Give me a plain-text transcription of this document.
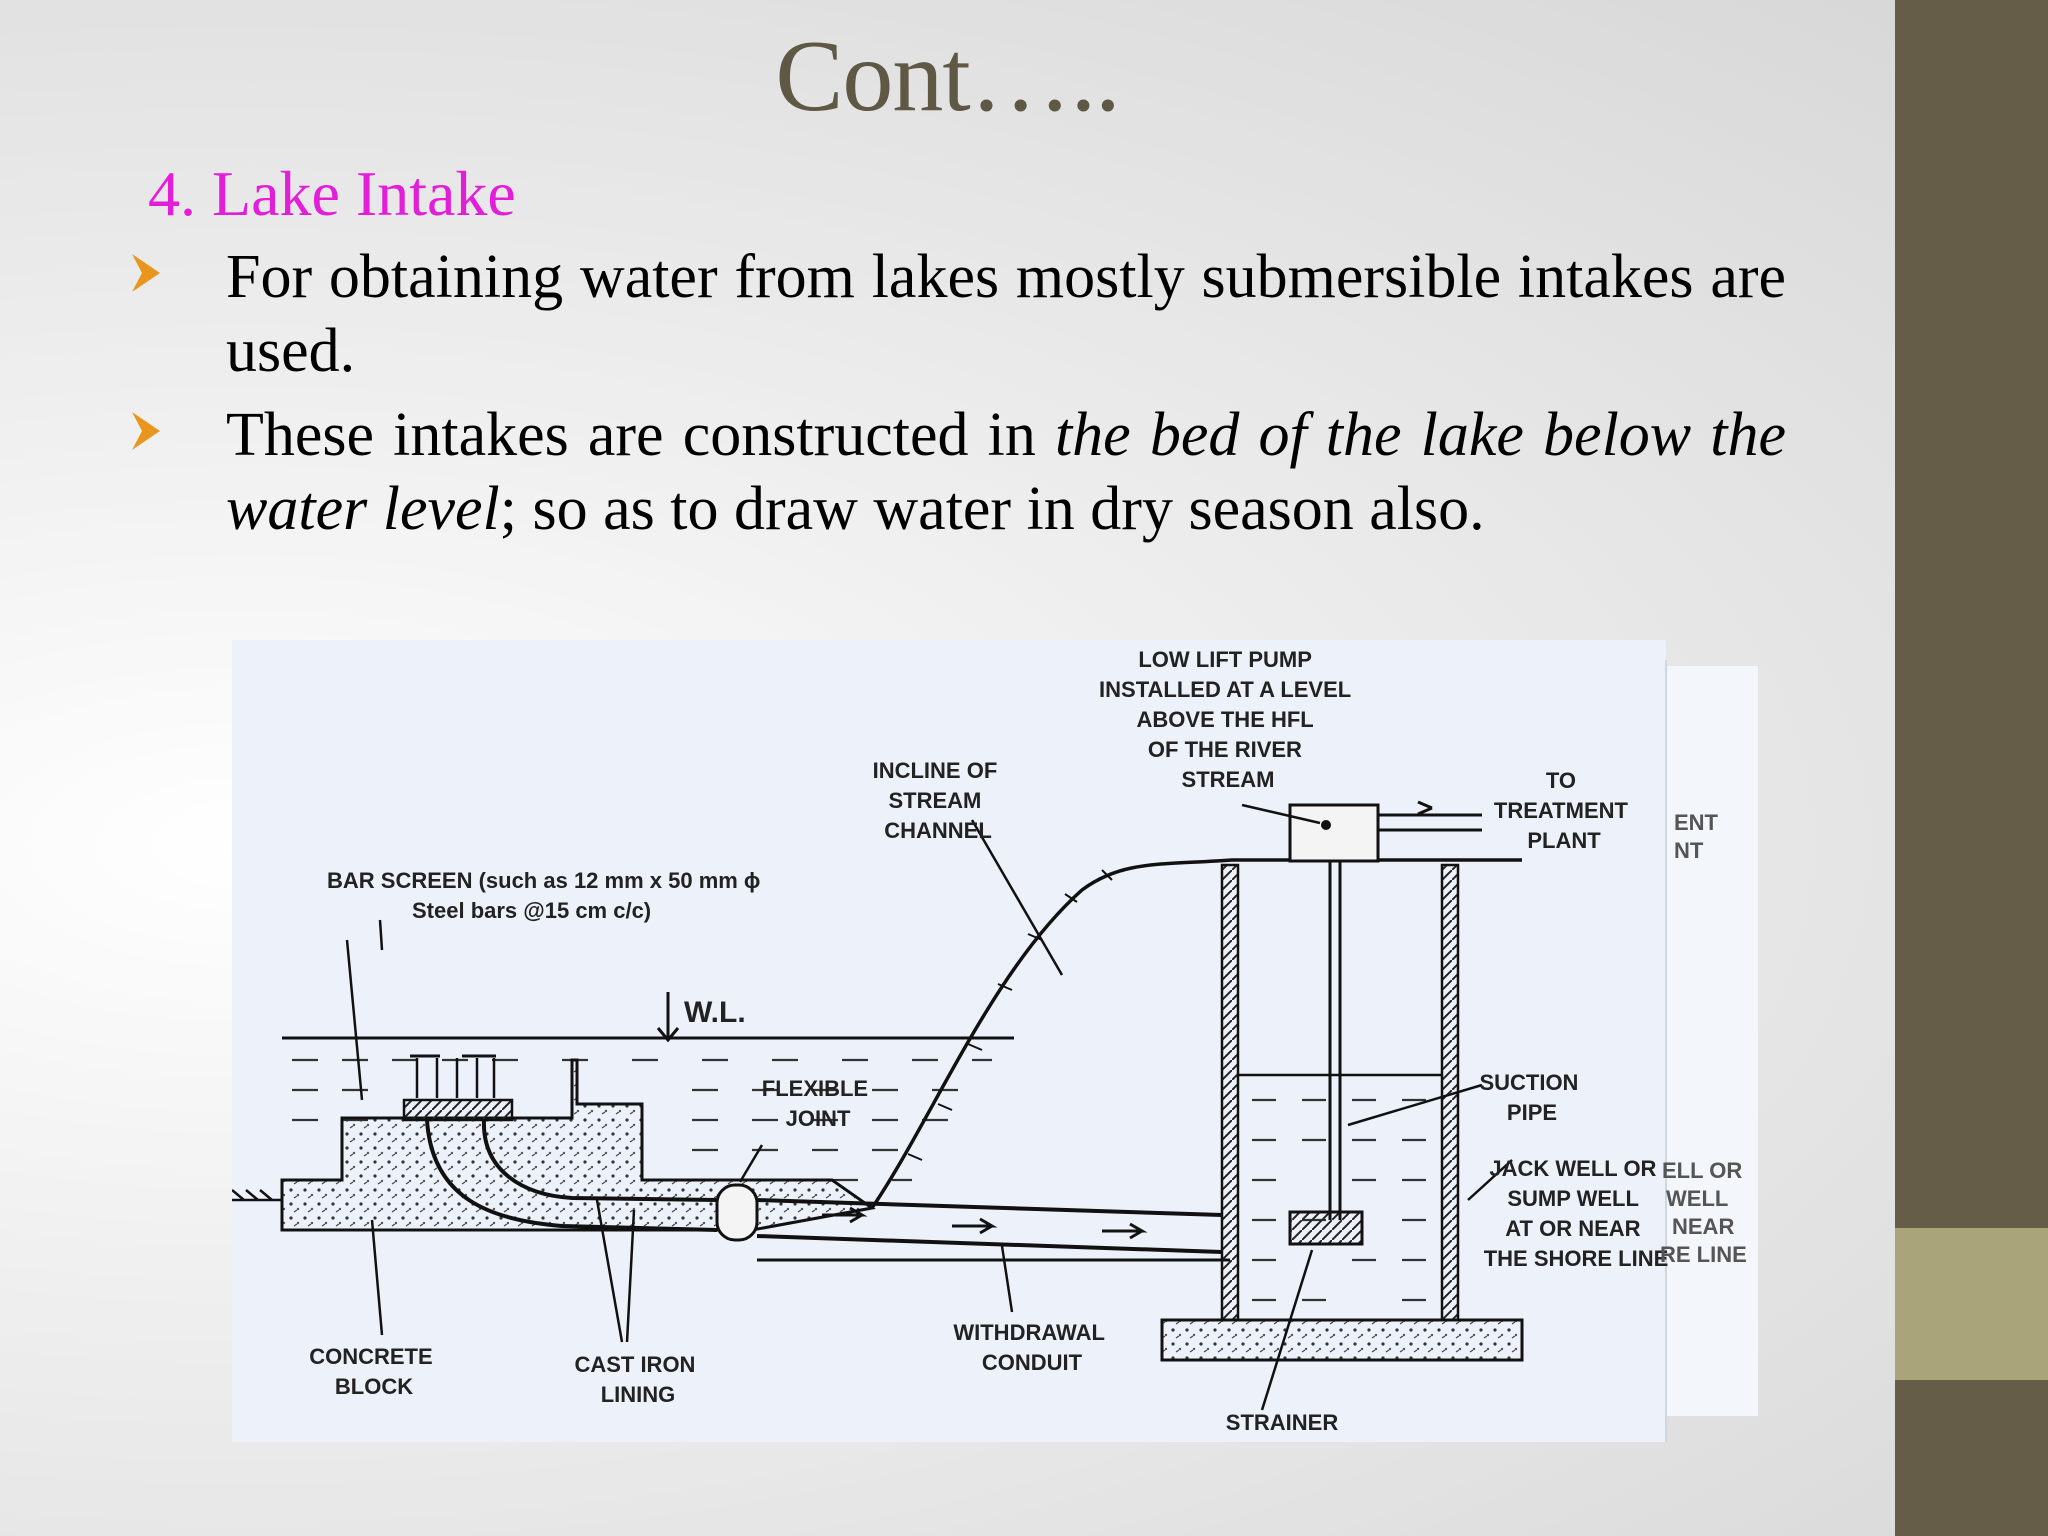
Cont…..
4. Lake Intake
For obtaining water from lakes mostly submersible intakes are used.
These intakes are constructed in the bed of the lake below the water level; so as to draw water in dry season also.
W.L.
LOW LIFT PUMP INSTALLED AT A LEVEL ABOVE THE HFL OF THE RIVER STREAM
INCLINE OF STREAM CHANNEL
TO TREATMENT PLANT
BAR SCREEN (such as 12 mm x 50 mm ϕ Steel bars @15 cm c/c)
FLEXIBLE JOINT
SUCTION PIPE
JACK WELL OR SUMP WELL AT OR NEAR THE SHORE LINE
WITHDRAWAL CONDUIT
CONCRETE BLOCK
CAST IRON LINING
STRAINER
ENT NT ELL OR WELL NEAR RE LINE
